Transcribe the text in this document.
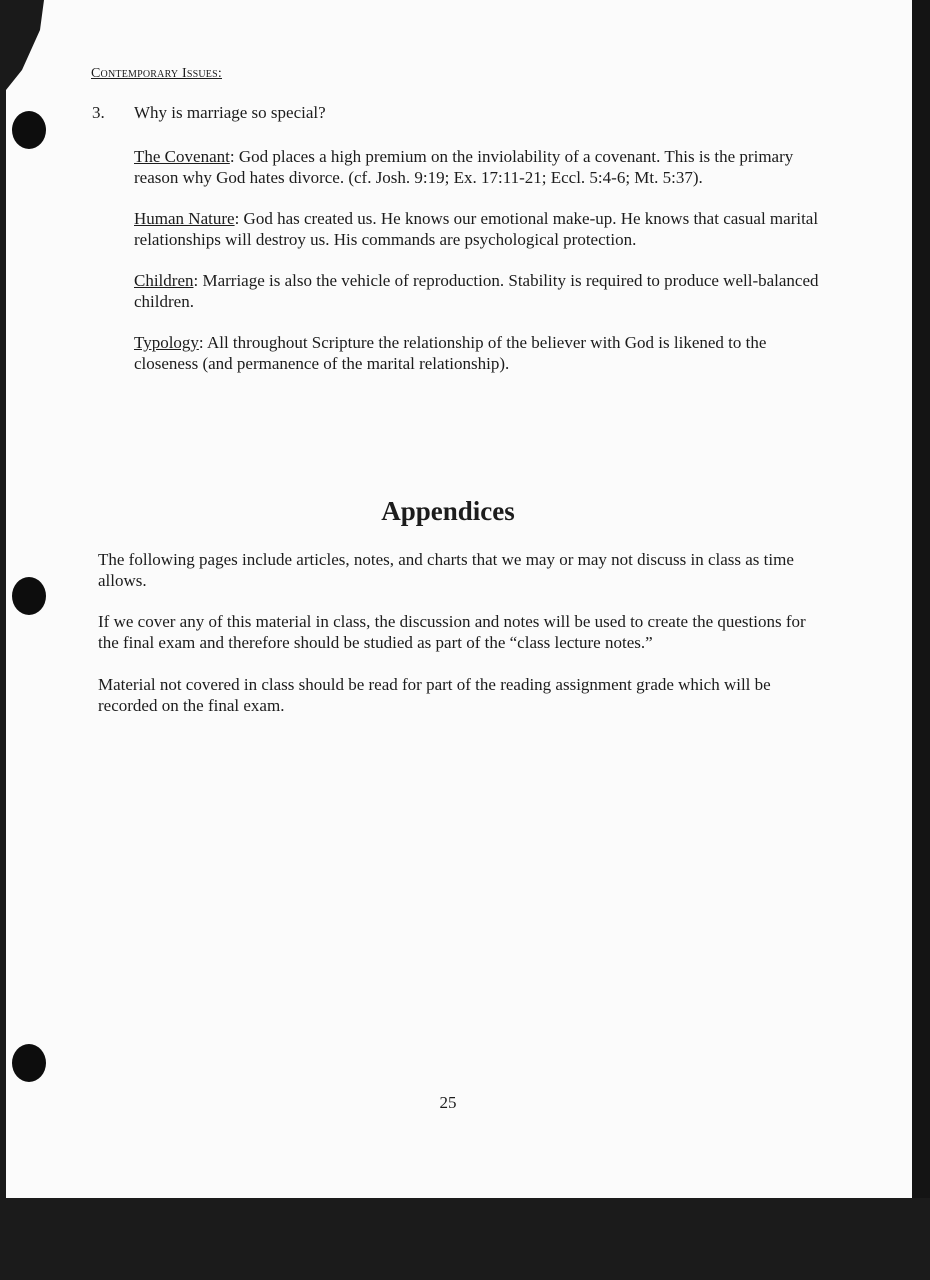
Contemporary Issues:
3. Why is marriage so special?
The Covenant: God places a high premium on the inviolability of a covenant. This is the primary reason why God hates divorce. (cf. Josh. 9:19; Ex. 17:11-21; Eccl. 5:4-6; Mt. 5:37).
Human Nature: God has created us. He knows our emotional make-up. He knows that casual marital relationships will destroy us. His commands are psychological protection.
Children: Marriage is also the vehicle of reproduction. Stability is required to produce well-balanced children.
Typology: All throughout Scripture the relationship of the believer with God is likened to the closeness (and permanence of the marital relationship).
Appendices
The following pages include articles, notes, and charts that we may or may not discuss in class as time allows.
If we cover any of this material in class, the discussion and notes will be used to create the questions for the final exam and therefore should be studied as part of the “class lecture notes.”
Material not covered in class should be read for part of the reading assignment grade which will be recorded on the final exam.
25
